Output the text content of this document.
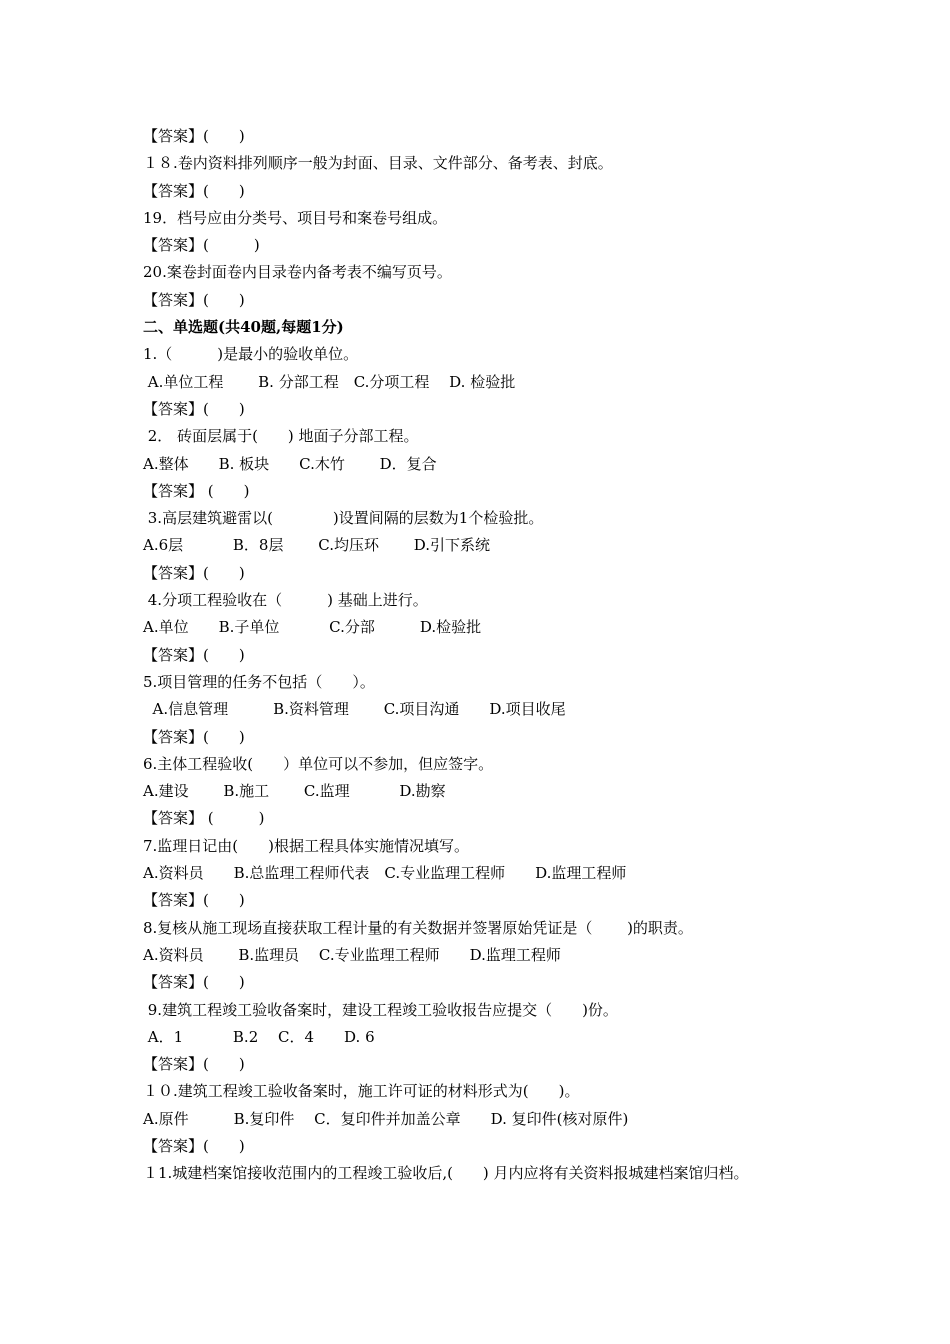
【答案】(　　)
１８.卷内资料排列顺序一般为封面、目录、文件部分、备考表、封底。
【答案】(　　)
19．档号应由分类号、项目号和案卷号组成。
【答案】(　　　)
20.案卷封面卷内目录卷内备考表不编写页号。
【答案】(　　)
二、单选题(共40题,每题1分)
1.（　　　)是最小的验收单位。
A.单位工程　　 B. 分部工程　C.分项工程　 D. 检验批
【答案】(　　)
2． 砖面层属于(　　) 地面子分部工程。
A.整体　　B. 板块　　C.木竹　　 D．复合
【答案】 (　　)
3.高层建筑避雷以(　　　　)设置间隔的层数为1个检验批。
A.6层　　　 B．8层　　 C.均压环　　 D.引下系统
【答案】(　　)
4.分项工程验收在（　　　) 基础上进行。
A.单位　　B.子单位　　　 C.分部　　　D.检验批
【答案】(　　)
5.项目管理的任务不包括（　　）。
A.信息管理　　　B.资料管理　　 C.项目沟通　　D.项目收尾
【答案】(　　)
6.主体工程验收(　　）单位可以不参加，但应签字。
A.建设　　 B.施工　　 C.监理　　　 D.勘察
【答案】 (　　　)
7.监理日记由(　　)根据工程具体实施情况填写。
A.资料员　　B.总监理工程师代表　C.专业监理工程师　　D.监理工程师
【答案】(　　)
8.复核从施工现场直接获取工程计量的有关数据并签署原始凭证是（　　 )的职责。
A.资料员　　 B.监理员　 C.专业监理工程师　　D.监理工程师
【答案】(　　)
9.建筑工程竣工验收备案时，建设工程竣工验收报告应提交（　　)份。
A．1　　　 B.2　 C．4　　D. 6
【答案】(　　)
１０.建筑工程竣工验收备案时，施工许可证的材料形式为(　　)。
A.原件　　　B.复印件　 C．复印件并加盖公章　　D. 复印件(核对原件)
【答案】(　　)
１1.城建档案馆接收范围内的工程竣工验收后,(　　) 月内应将有关资料报城建档案馆归档。
